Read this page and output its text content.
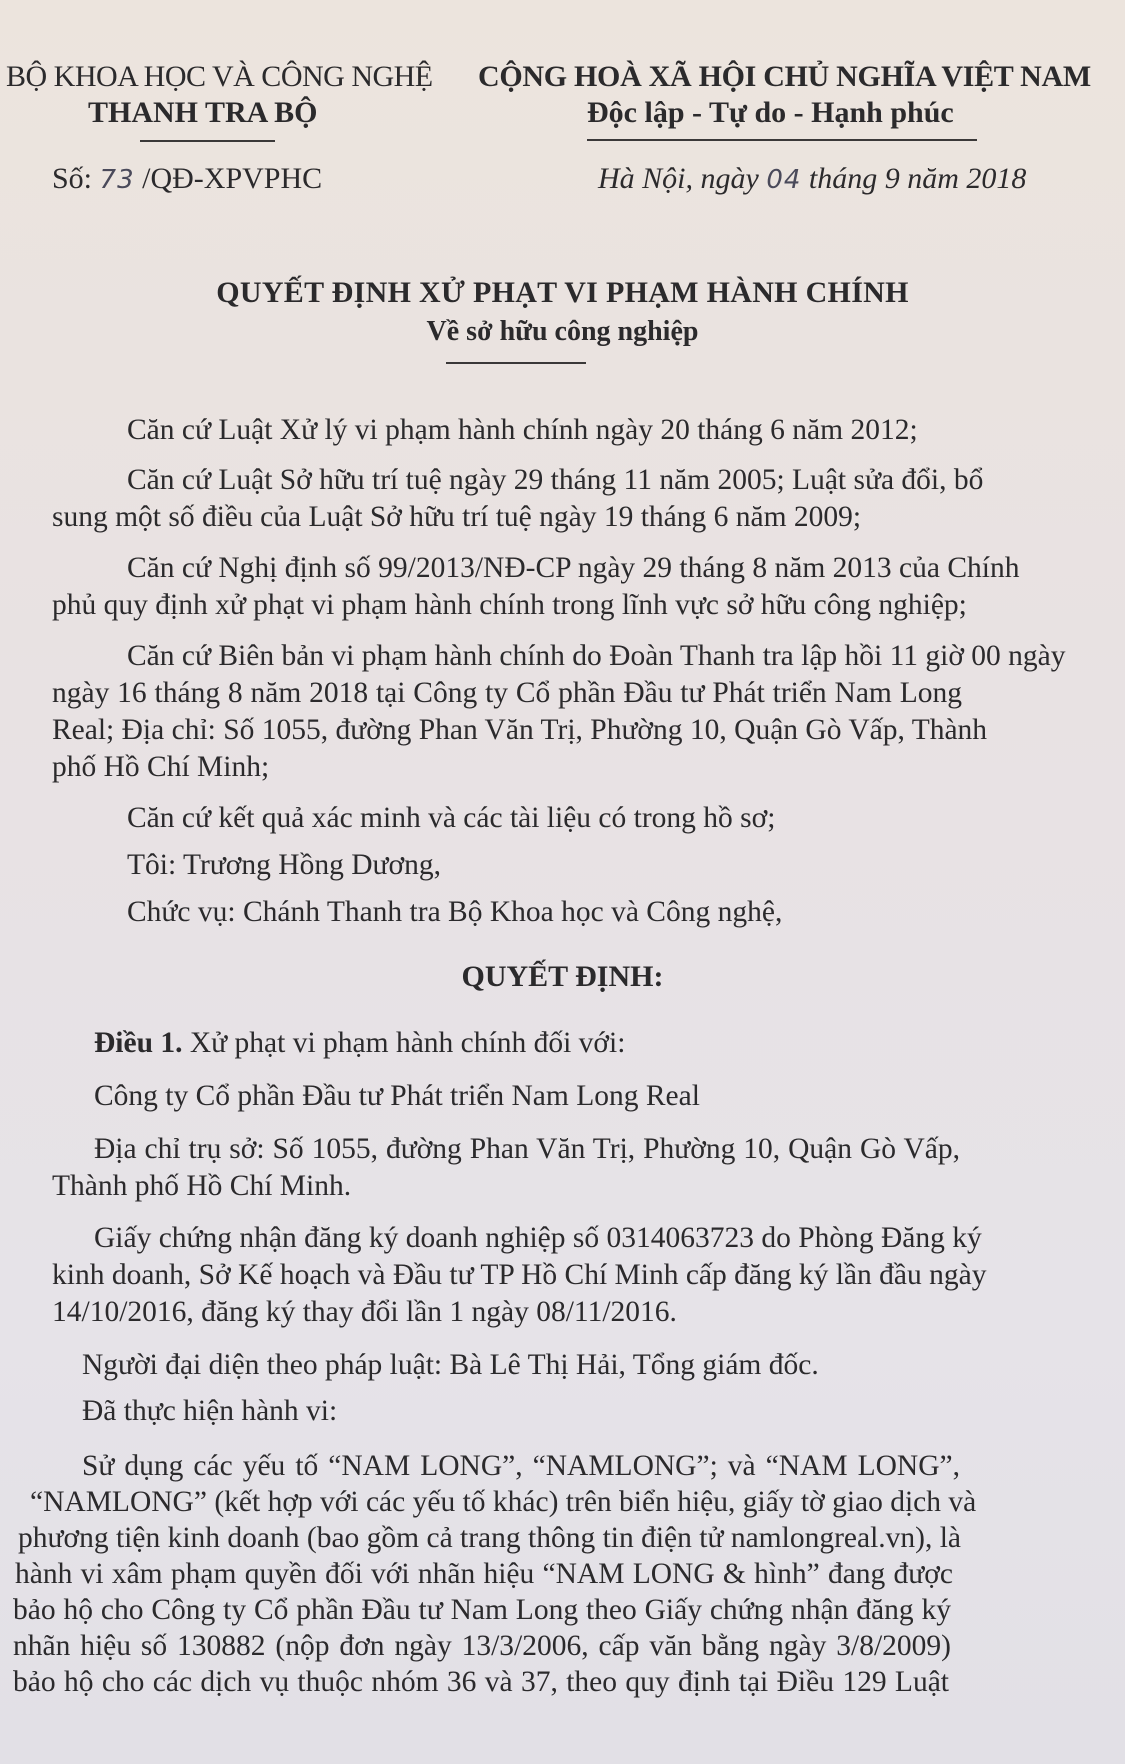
BỘ KHOA HỌC VÀ CÔNG NGHỆ
THANH TRA BỘ
Số: 73 /QĐ-XPVPHC
CỘNG HOÀ XÃ HỘI CHỦ NGHĨA VIỆT NAM
Độc lập - Tự do - Hạnh phúc
Hà Nội, ngày 04 tháng 9 năm 2018
QUYẾT ĐỊNH XỬ PHẠT VI PHẠM HÀNH CHÍNH
Về sở hữu công nghiệp
Căn cứ Luật Xử lý vi phạm hành chính ngày 20 tháng 6 năm 2012;
Căn cứ Luật Sở hữu trí tuệ ngày 29 tháng 11 năm 2005; Luật sửa đổi, bổ
sung một số điều của Luật Sở hữu trí tuệ ngày 19 tháng 6 năm 2009;
Căn cứ Nghị định số 99/2013/NĐ-CP ngày 29 tháng 8 năm 2013 của Chính
phủ quy định xử phạt vi phạm hành chính trong lĩnh vực sở hữu công nghiệp;
Căn cứ Biên bản vi phạm hành chính do Đoàn Thanh tra lập hồi 11 giờ 00 ngày
ngày 16 tháng 8 năm 2018 tại Công ty Cổ phần Đầu tư Phát triển Nam Long
Real; Địa chỉ: Số 1055, đường Phan Văn Trị, Phường 10, Quận Gò Vấp, Thành
phố Hồ Chí Minh;
Căn cứ kết quả xác minh và các tài liệu có trong hồ sơ;
Tôi: Trương Hồng Dương,
Chức vụ: Chánh Thanh tra Bộ Khoa học và Công nghệ,
QUYẾT ĐỊNH:
Điều 1. Xử phạt vi phạm hành chính đối với:
Công ty Cổ phần Đầu tư Phát triển Nam Long Real
Địa chỉ trụ sở: Số 1055, đường Phan Văn Trị, Phường 10, Quận Gò Vấp,
Thành phố Hồ Chí Minh.
Giấy chứng nhận đăng ký doanh nghiệp số 0314063723 do Phòng Đăng ký
kinh doanh, Sở Kế hoạch và Đầu tư TP Hồ Chí Minh cấp đăng ký lần đầu ngày
14/10/2016, đăng ký thay đổi lần 1 ngày 08/11/2016.
Người đại diện theo pháp luật: Bà Lê Thị Hải, Tổng giám đốc.
Đã thực hiện hành vi:
Sử dụng các yếu tố “NAM LONG”, “NAMLONG”; và “NAM LONG”,
“NAMLONG” (kết hợp với các yếu tố khác) trên biển hiệu, giấy tờ giao dịch và
phương tiện kinh doanh (bao gồm cả trang thông tin điện tử namlongreal.vn), là
hành vi xâm phạm quyền đối với nhãn hiệu “NAM LONG & hình” đang được
bảo hộ cho Công ty Cổ phần Đầu tư Nam Long theo Giấy chứng nhận đăng ký
nhãn hiệu số 130882 (nộp đơn ngày 13/3/2006, cấp văn bằng ngày 3/8/2009)
bảo hộ cho các dịch vụ thuộc nhóm 36 và 37, theo quy định tại Điều 129 Luật
